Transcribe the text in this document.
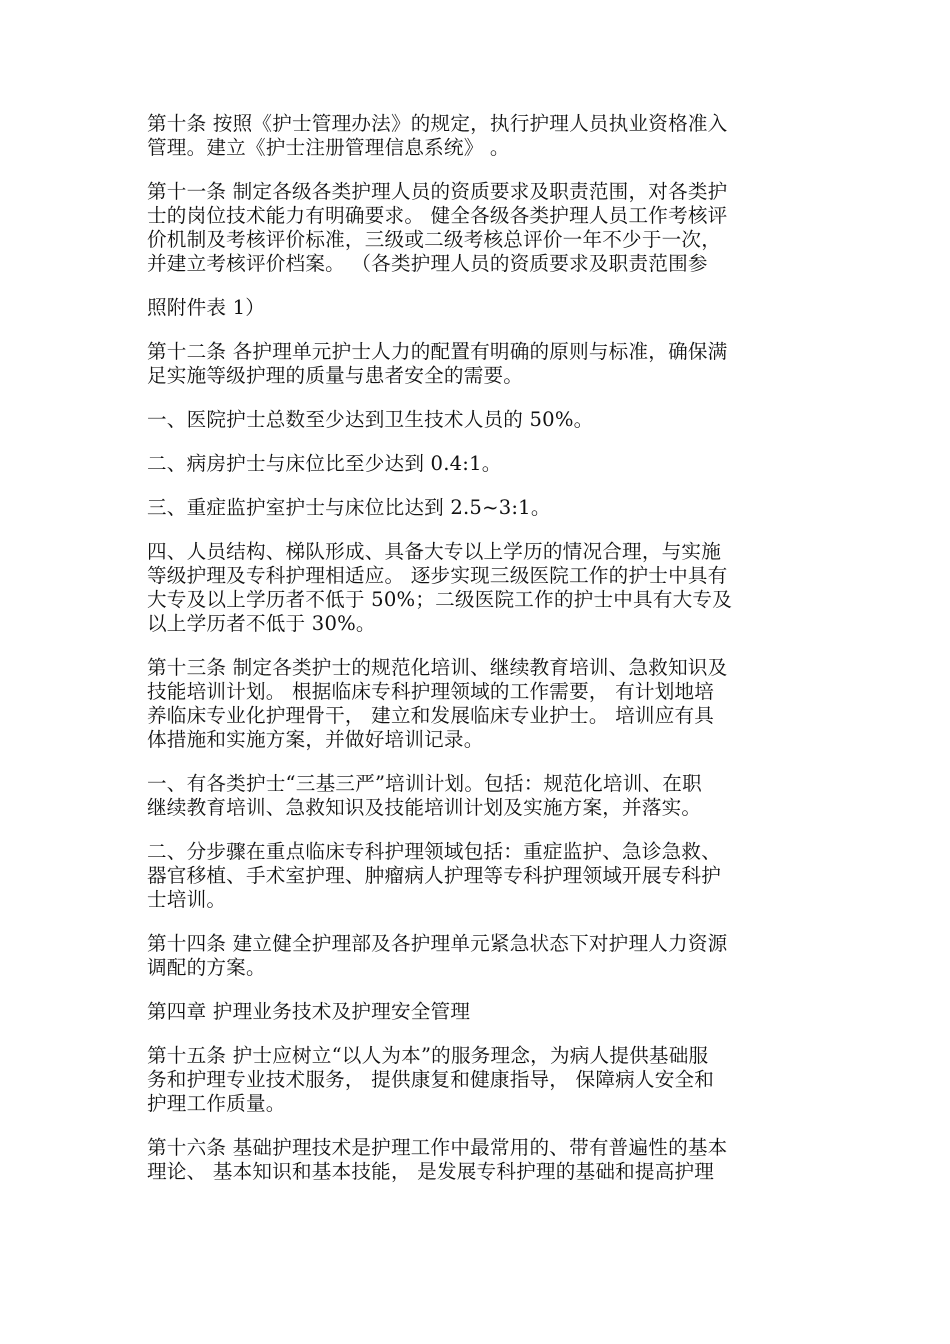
第十条 按照《护士管理办法》的规定，执行护理人员执业资格准入
管理。建立《护士注册管理信息系统》 。

第十一条 制定各级各类护理人员的资质要求及职责范围，对各类护
士的岗位技术能力有明确要求。 健全各级各类护理人员工作考核评
价机制及考核评价标准，三级或二级考核总评价一年不少于一次，
并建立考核评价档案。 （各类护理人员的资质要求及职责范围参

照附件表 1）

第十二条 各护理单元护士人力的配置有明确的原则与标准，确保满
足实施等级护理的质量与患者安全的需要。

一、医院护士总数至少达到卫生技术人员的 50%。

二、病房护士与床位比至少达到 0.4:1。

三、重症监护室护士与床位比达到 2.5~3:1。

四、人员结构、梯队形成、具备大专以上学历的情况合理，与实施
等级护理及专科护理相适应。 逐步实现三级医院工作的护士中具有
大专及以上学历者不低于 50%；二级医院工作的护士中具有大专及
以上学历者不低于 30%。

第十三条 制定各类护士的规范化培训、继续教育培训、急救知识及
技能培训计划。 根据临床专科护理领域的工作需要， 有计划地培
养临床专业化护理骨干， 建立和发展临床专业护士。 培训应有具
体措施和实施方案，并做好培训记录。

一、有各类护士“三基三严”培训计划。包括：规范化培训、在职
继续教育培训、急救知识及技能培训计划及实施方案，并落实。

二、分步骤在重点临床专科护理领域包括：重症监护、急诊急救、
器官移植、手术室护理、肿瘤病人护理等专科护理领域开展专科护
士培训。

第十四条 建立健全护理部及各护理单元紧急状态下对护理人力资源
调配的方案。

第四章 护理业务技术及护理安全管理

第十五条 护士应树立“以人为本”的服务理念，为病人提供基础服
务和护理专业技术服务， 提供康复和健康指导， 保障病人安全和
护理工作质量。

第十六条 基础护理技术是护理工作中最常用的、带有普遍性的基本
理论、 基本知识和基本技能， 是发展专科护理的基础和提高护理
